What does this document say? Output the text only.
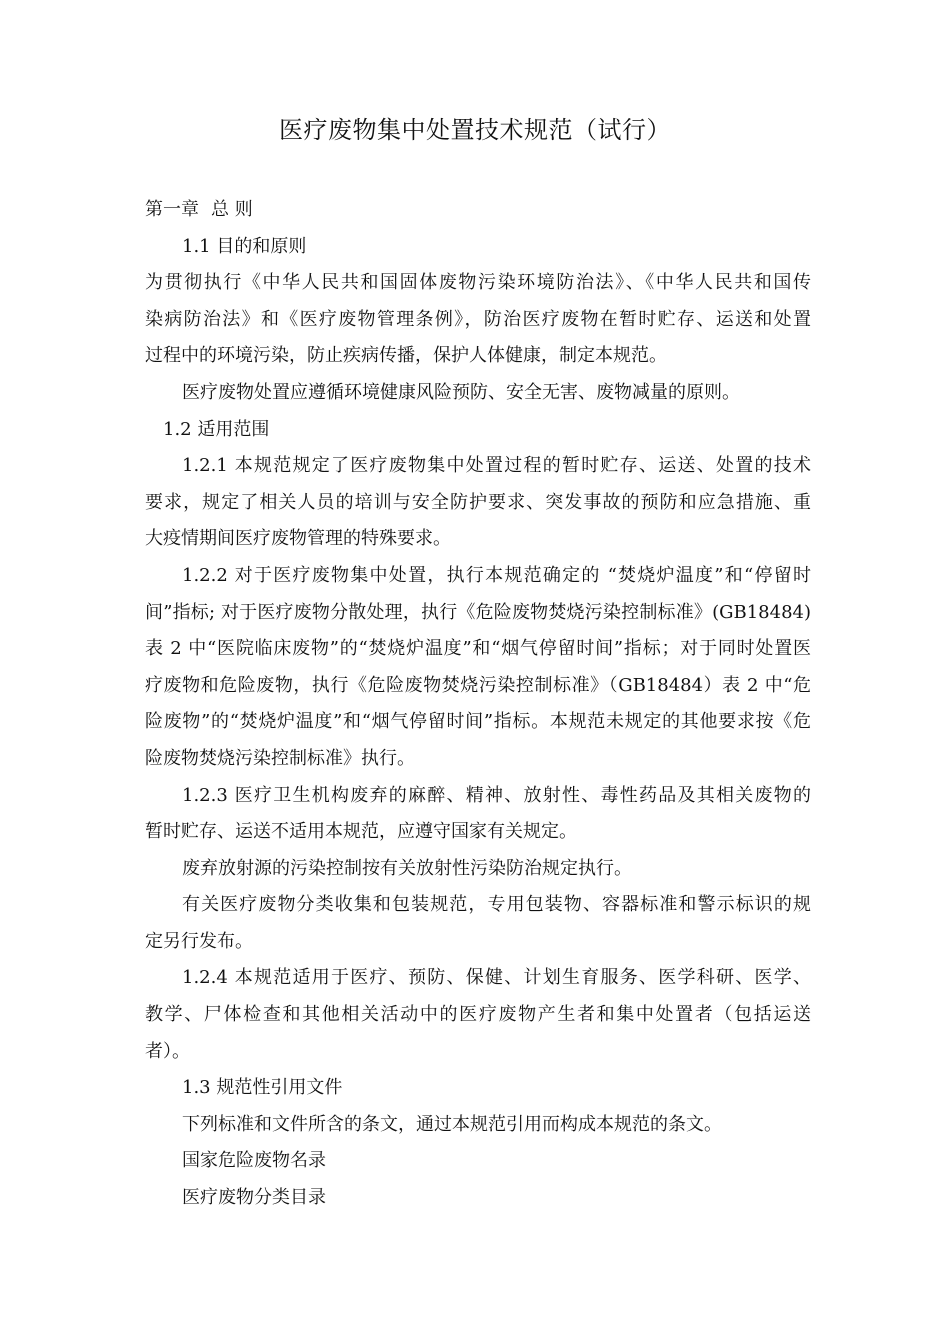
医疗废物集中处置技术规范（试行）
第一章 总 则
1.1 目的和原则
为贯彻执行《中华人民共和国固体废物污染环境防治法》、《中华人民共和国传
染病防治法》和《医疗废物管理条例》，防治医疗废物在暂时贮存、运送和处置
过程中的环境污染，防止疾病传播，保护人体健康，制定本规范。
医疗废物处置应遵循环境健康风险预防、安全无害、废物减量的原则。
1.2 适用范围
1.2.1 本规范规定了医疗废物集中处置过程的暂时贮存、运送、处置的技术
要求，规定了相关人员的培训与安全防护要求、突发事故的预防和应急措施、重
大疫情期间医疗废物管理的特殊要求。
1.2.2 对于医疗废物集中处置，执行本规范确定的 “焚烧炉温度”和“停留时
间”指标; 对于医疗废物分散处理，执行《危险废物焚烧污染控制标准》(GB18484)
表 2 中“医院临床废物”的“焚烧炉温度”和“烟气停留时间”指标；对于同时处置医
疗废物和危险废物，执行《危险废物焚烧污染控制标准》（GB18484）表 2 中“危
险废物”的“焚烧炉温度”和“烟气停留时间”指标。本规范未规定的其他要求按《危
险废物焚烧污染控制标准》执行。
1.2.3 医疗卫生机构废弃的麻醉、精神、放射性、毒性药品及其相关废物的
暂时贮存、运送不适用本规范，应遵守国家有关规定。
废弃放射源的污染控制按有关放射性污染防治规定执行。
有关医疗废物分类收集和包装规范，专用包装物、容器标准和警示标识的规
定另行发布。
1.2.4 本规范适用于医疗、预防、保健、计划生育服务、医学科研、医学、
教学、尸体检查和其他相关活动中的医疗废物产生者和集中处置者（包括运送
者）。
1.3 规范性引用文件
下列标准和文件所含的条文，通过本规范引用而构成本规范的条文。
国家危险废物名录
医疗废物分类目录
